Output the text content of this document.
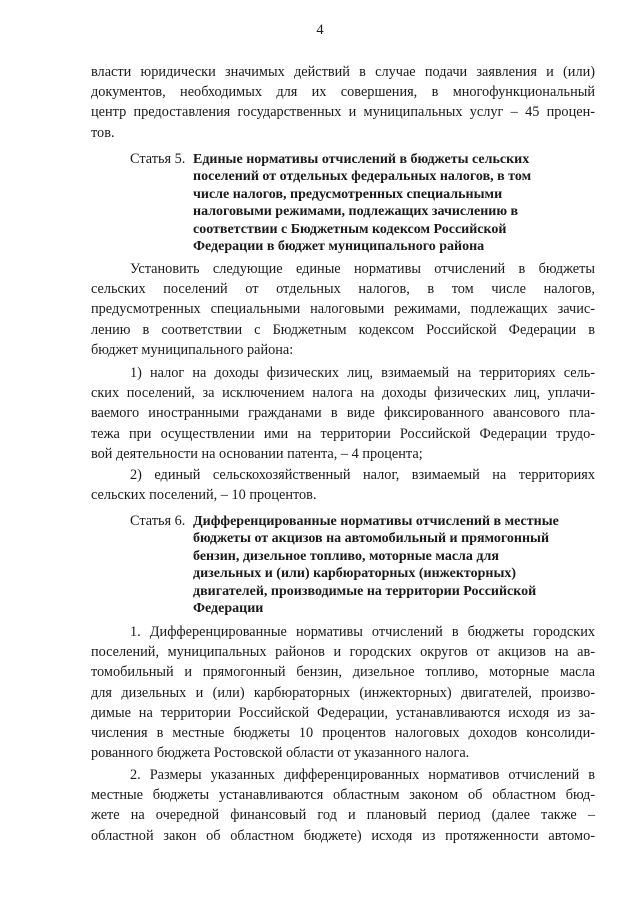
4
власти юридически значимых действий в случае подачи заявления и (или)
документов, необходимых для их совершения, в многофункциональный
центр предоставления государственных и муниципальных услуг – 45 процен-
тов.
Статья 5. Единые нормативы отчислений в бюджеты сельских
поселений от отдельных федеральных налогов, в том
числе налогов, предусмотренных специальными
налоговыми режимами, подлежащих зачислению в
соответствии с Бюджетным кодексом Российской
Федерации в бюджет муниципального района
Установить следующие единые нормативы отчислений в бюджеты
сельских поселений от отдельных налогов, в том числе налогов,
предусмотренных специальными налоговыми режимами, подлежащих зачис-
лению в соответствии с Бюджетным кодексом Российской Федерации в
бюджет муниципального района:
1) налог на доходы физических лиц, взимаемый на территориях сель-
ских поселений, за исключением налога на доходы физических лиц, уплачи-
ваемого иностранными гражданами в виде фиксированного авансового пла-
тежа при осуществлении ими на территории Российской Федерации трудо-
вой деятельности на основании патента, – 4 процента;
2) единый сельскохозяйственный налог, взимаемый на территориях
сельских поселений, – 10 процентов.
Статья 6. Дифференцированные нормативы отчислений в местные
бюджеты от акцизов на автомобильный и прямогонный
бензин, дизельное топливо, моторные масла для
дизельных и (или) карбюраторных (инжекторных)
двигателей, производимые на территории Российской
Федерации
1. Дифференцированные нормативы отчислений в бюджеты городских
поселений, муниципальных районов и городских округов от акцизов на ав-
томобильный и прямогонный бензин, дизельное топливо, моторные масла
для дизельных и (или) карбюраторных (инжекторных) двигателей, произво-
димые на территории Российской Федерации, устанавливаются исходя из за-
числения в местные бюджеты 10 процентов налоговых доходов консолиди-
рованного бюджета Ростовской области от указанного налога.
2. Размеры указанных дифференцированных нормативов отчислений в
местные бюджеты устанавливаются областным законом об областном бюд-
жете на очередной финансовый год и плановый период (далее также –
областной закон об областном бюджете) исходя из протяженности автомо-
